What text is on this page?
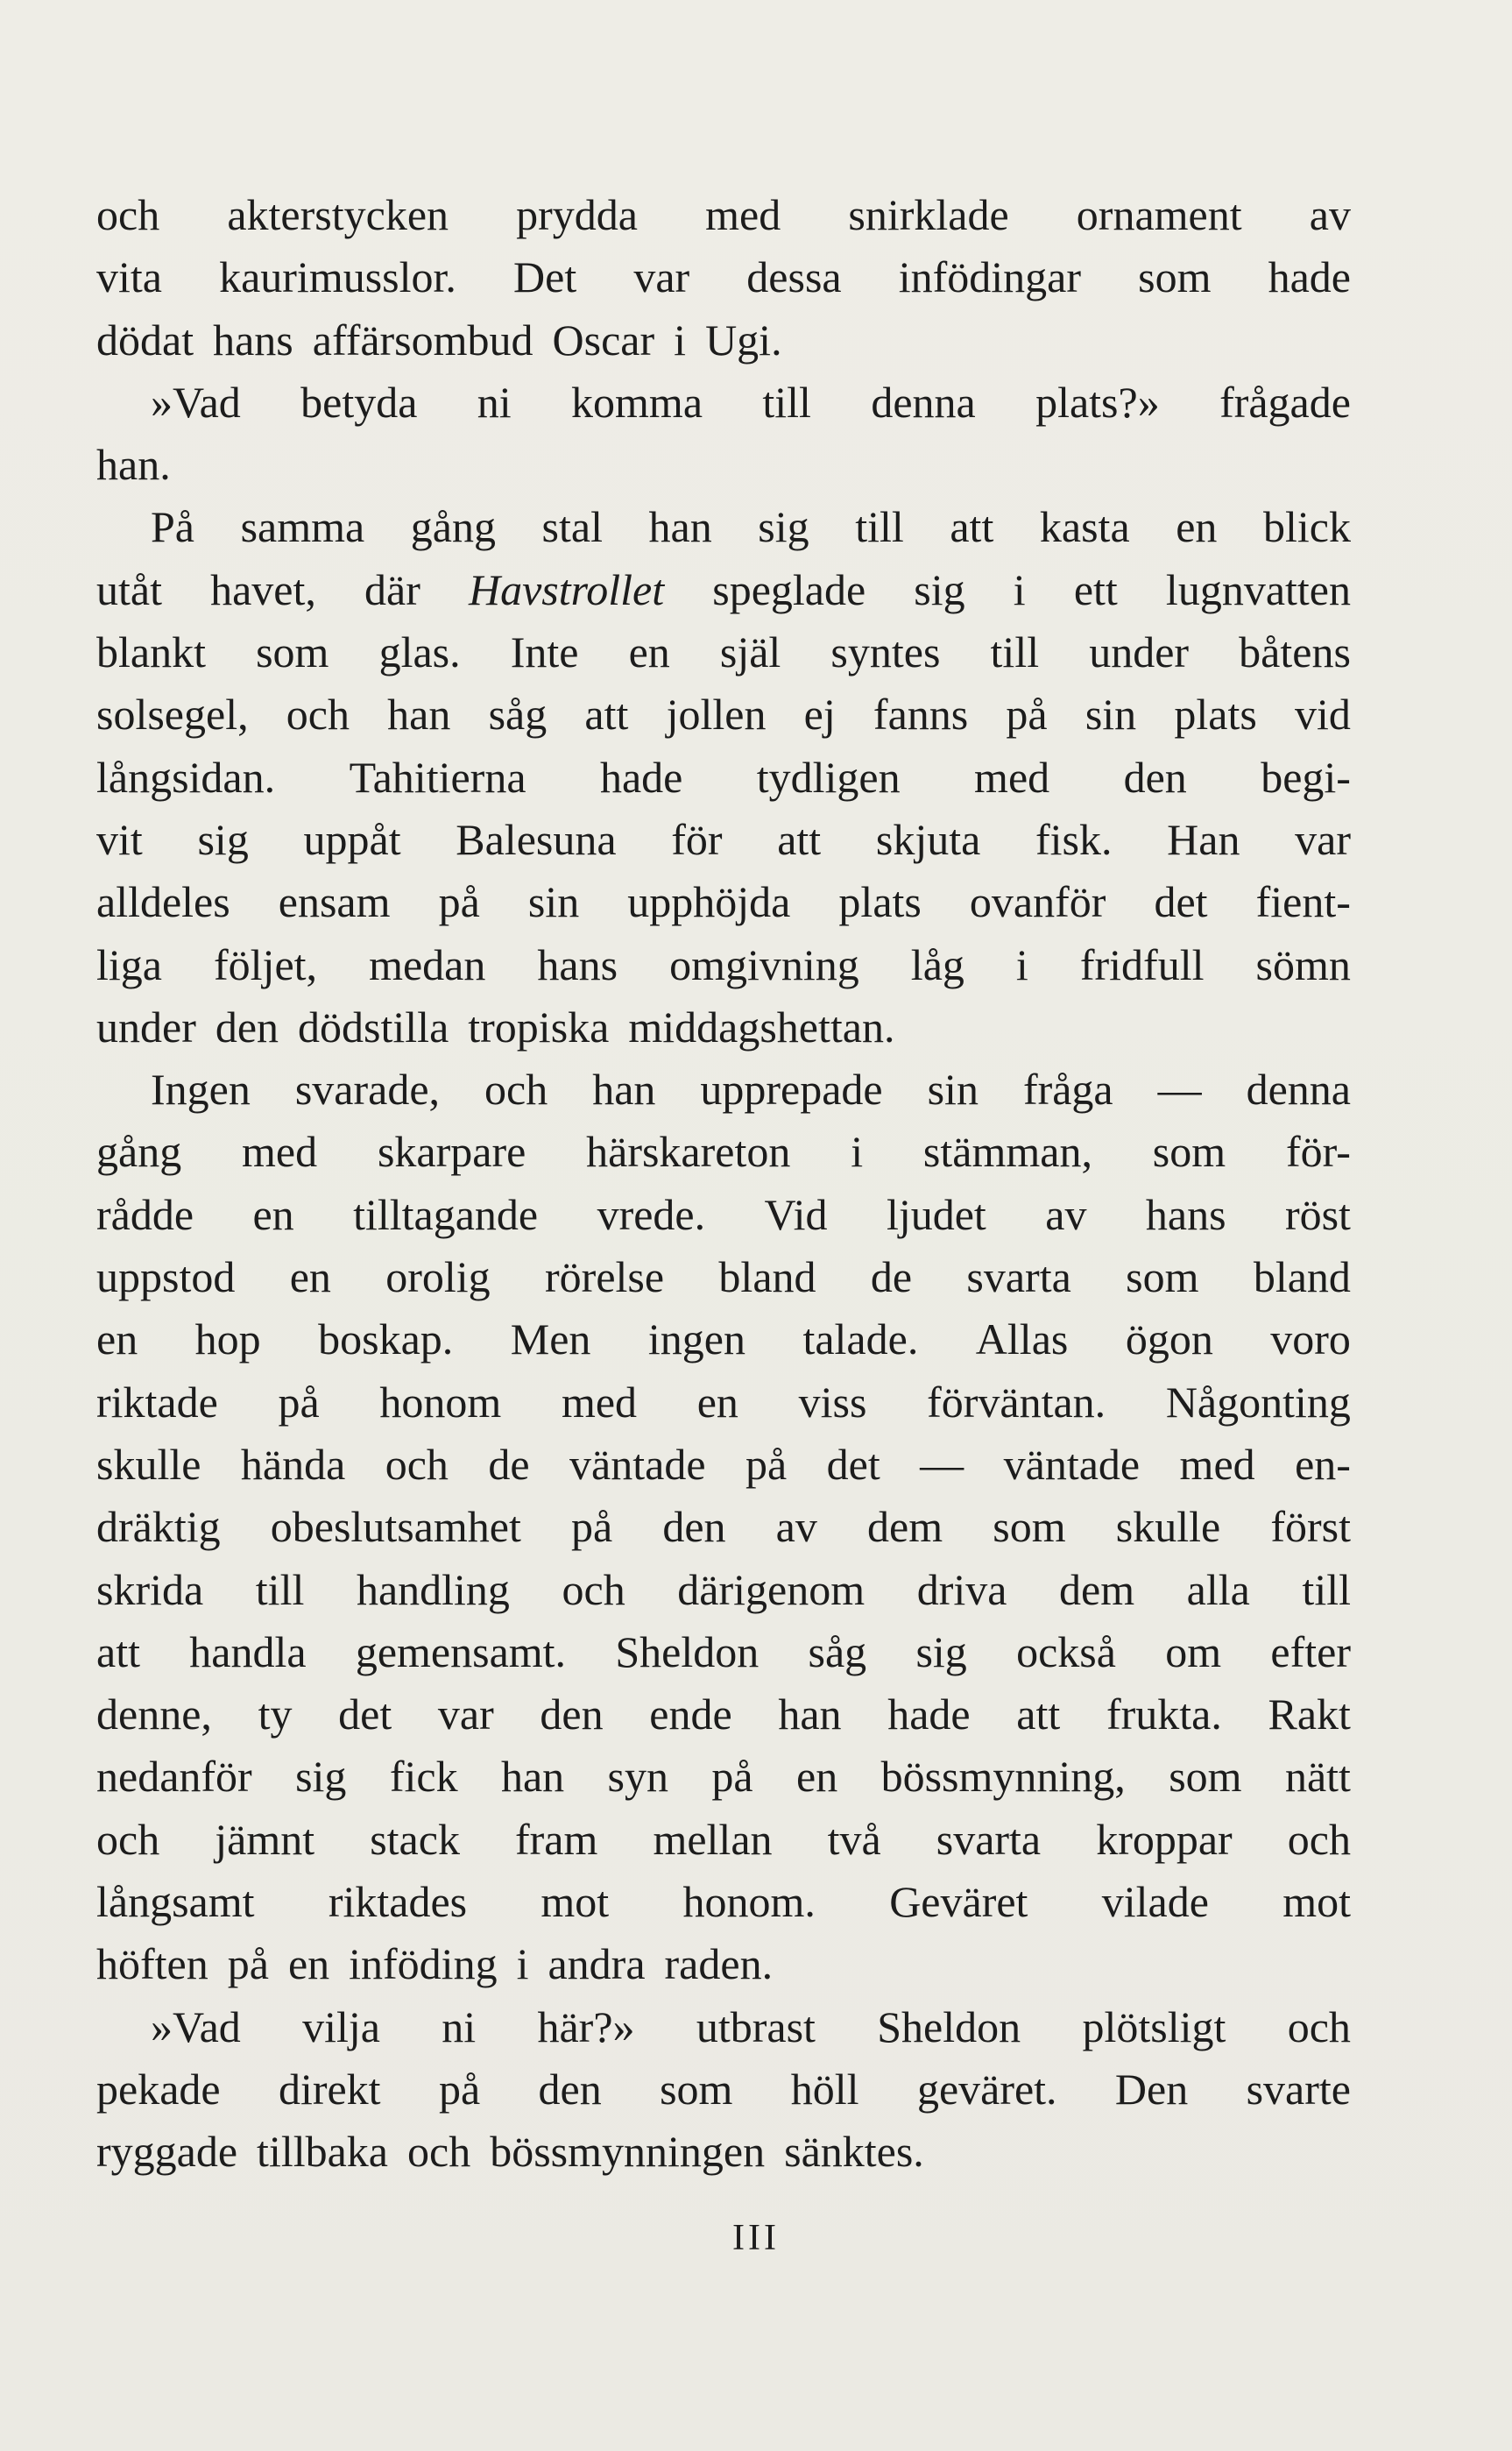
och akterstycken prydda med snirklade ornament av
vita kaurimusslor. Det var dessa infödingar som hade
dödat hans affärsombud Oscar i Ugi.
»Vad betyda ni komma till denna plats?» frågade
han.
På samma gång stal han sig till att kasta en blick
utåt havet, där Havstrollet speglade sig i ett lugnvatten
blankt som glas. Inte en själ syntes till under båtens
solsegel, och han såg att jollen ej fanns på sin plats vid
långsidan. Tahitierna hade tydligen med den begi-
vit sig uppåt Balesuna för att skjuta fisk. Han var
alldeles ensam på sin upphöjda plats ovanför det fient-
liga följet, medan hans omgivning låg i fridfull sömn
under den dödstilla tropiska middagshettan.
Ingen svarade, och han upprepade sin fråga — denna
gång med skarpare härskareton i stämman, som för-
rådde en tilltagande vrede. Vid ljudet av hans röst
uppstod en orolig rörelse bland de svarta som bland
en hop boskap. Men ingen talade. Allas ögon voro
riktade på honom med en viss förväntan. Någonting
skulle hända och de väntade på det — väntade med en-
dräktig obeslutsamhet på den av dem som skulle först
skrida till handling och därigenom driva dem alla till
att handla gemensamt. Sheldon såg sig också om efter
denne, ty det var den ende han hade att frukta. Rakt
nedanför sig fick han syn på en bössmynning, som nätt
och jämnt stack fram mellan två svarta kroppar och
långsamt riktades mot honom. Geväret vilade mot
höften på en inföding i andra raden.
»Vad vilja ni här?» utbrast Sheldon plötsligt och
pekade direkt på den som höll geväret. Den svarte
ryggade tillbaka och bössmynningen sänktes.
III
